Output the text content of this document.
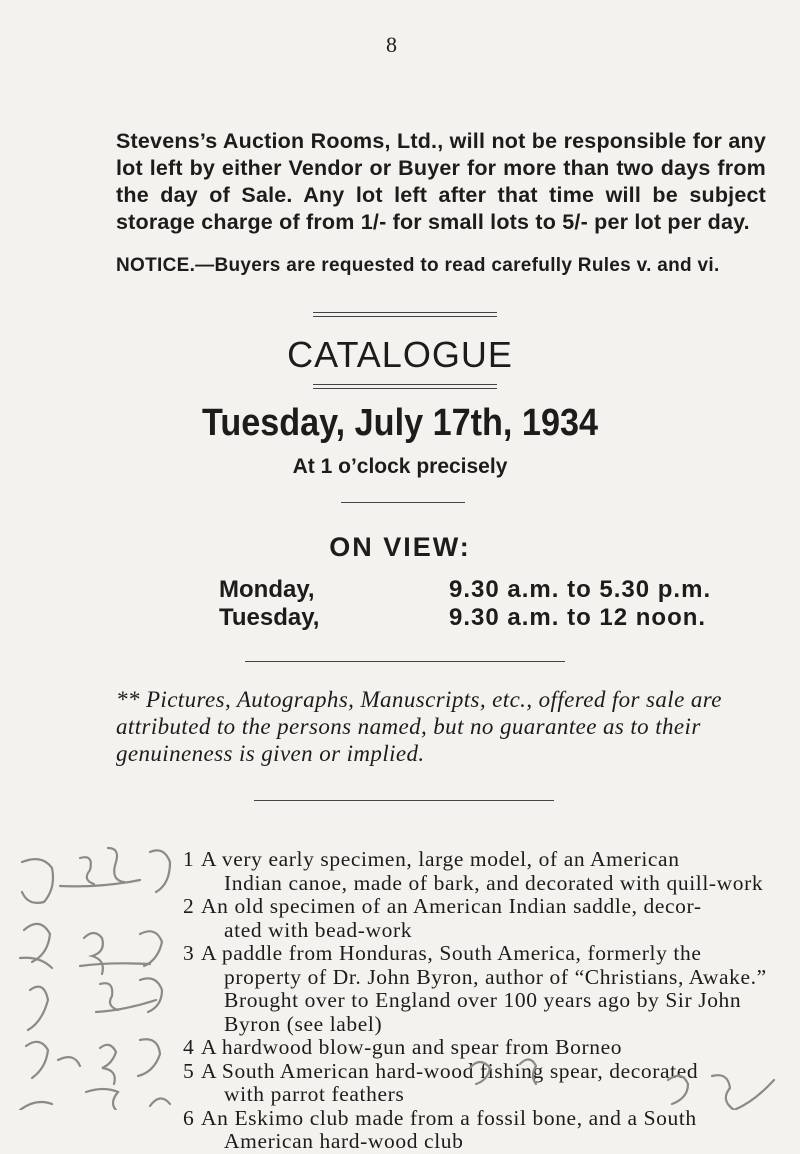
8
Stevens’s Auction Rooms, Ltd., will not be responsible for any lot left by either Vendor or Buyer for more than two days from the day of Sale. Any lot left after that time will be subject storage charge of from 1/- for small lots to 5/- per lot per day.
NOTICE.—Buyers are requested to read carefully Rules v. and vi.
CATALOGUE
Tuesday, July 17th, 1934
At 1 o’clock precisely
ON VIEW:
Monday,	9.30 a.m. to 5.30 p.m.
Tuesday,	9.30 a.m. to 12 noon.
** Pictures, Autographs, Manuscripts, etc., offered for sale are attributed to the persons named, but no guarantee as to their genuineness is given or implied.
1 A very early specimen, large model, of an American
Indian canoe, made of bark, and decorated with quill-work
2 An old specimen of an American Indian saddle, decor-
ated with bead-work
3 A paddle from Honduras, South America, formerly the
property of Dr. John Byron, author of “Christians, Awake.” Brought over to England over 100 years ago by Sir John Byron (see label)
4 A hardwood blow-gun and spear from Borneo
5 A South American hard-wood fishing spear, decorated
with parrot feathers
6 An Eskimo club made from a fossil bone, and a South
American hard-wood club
